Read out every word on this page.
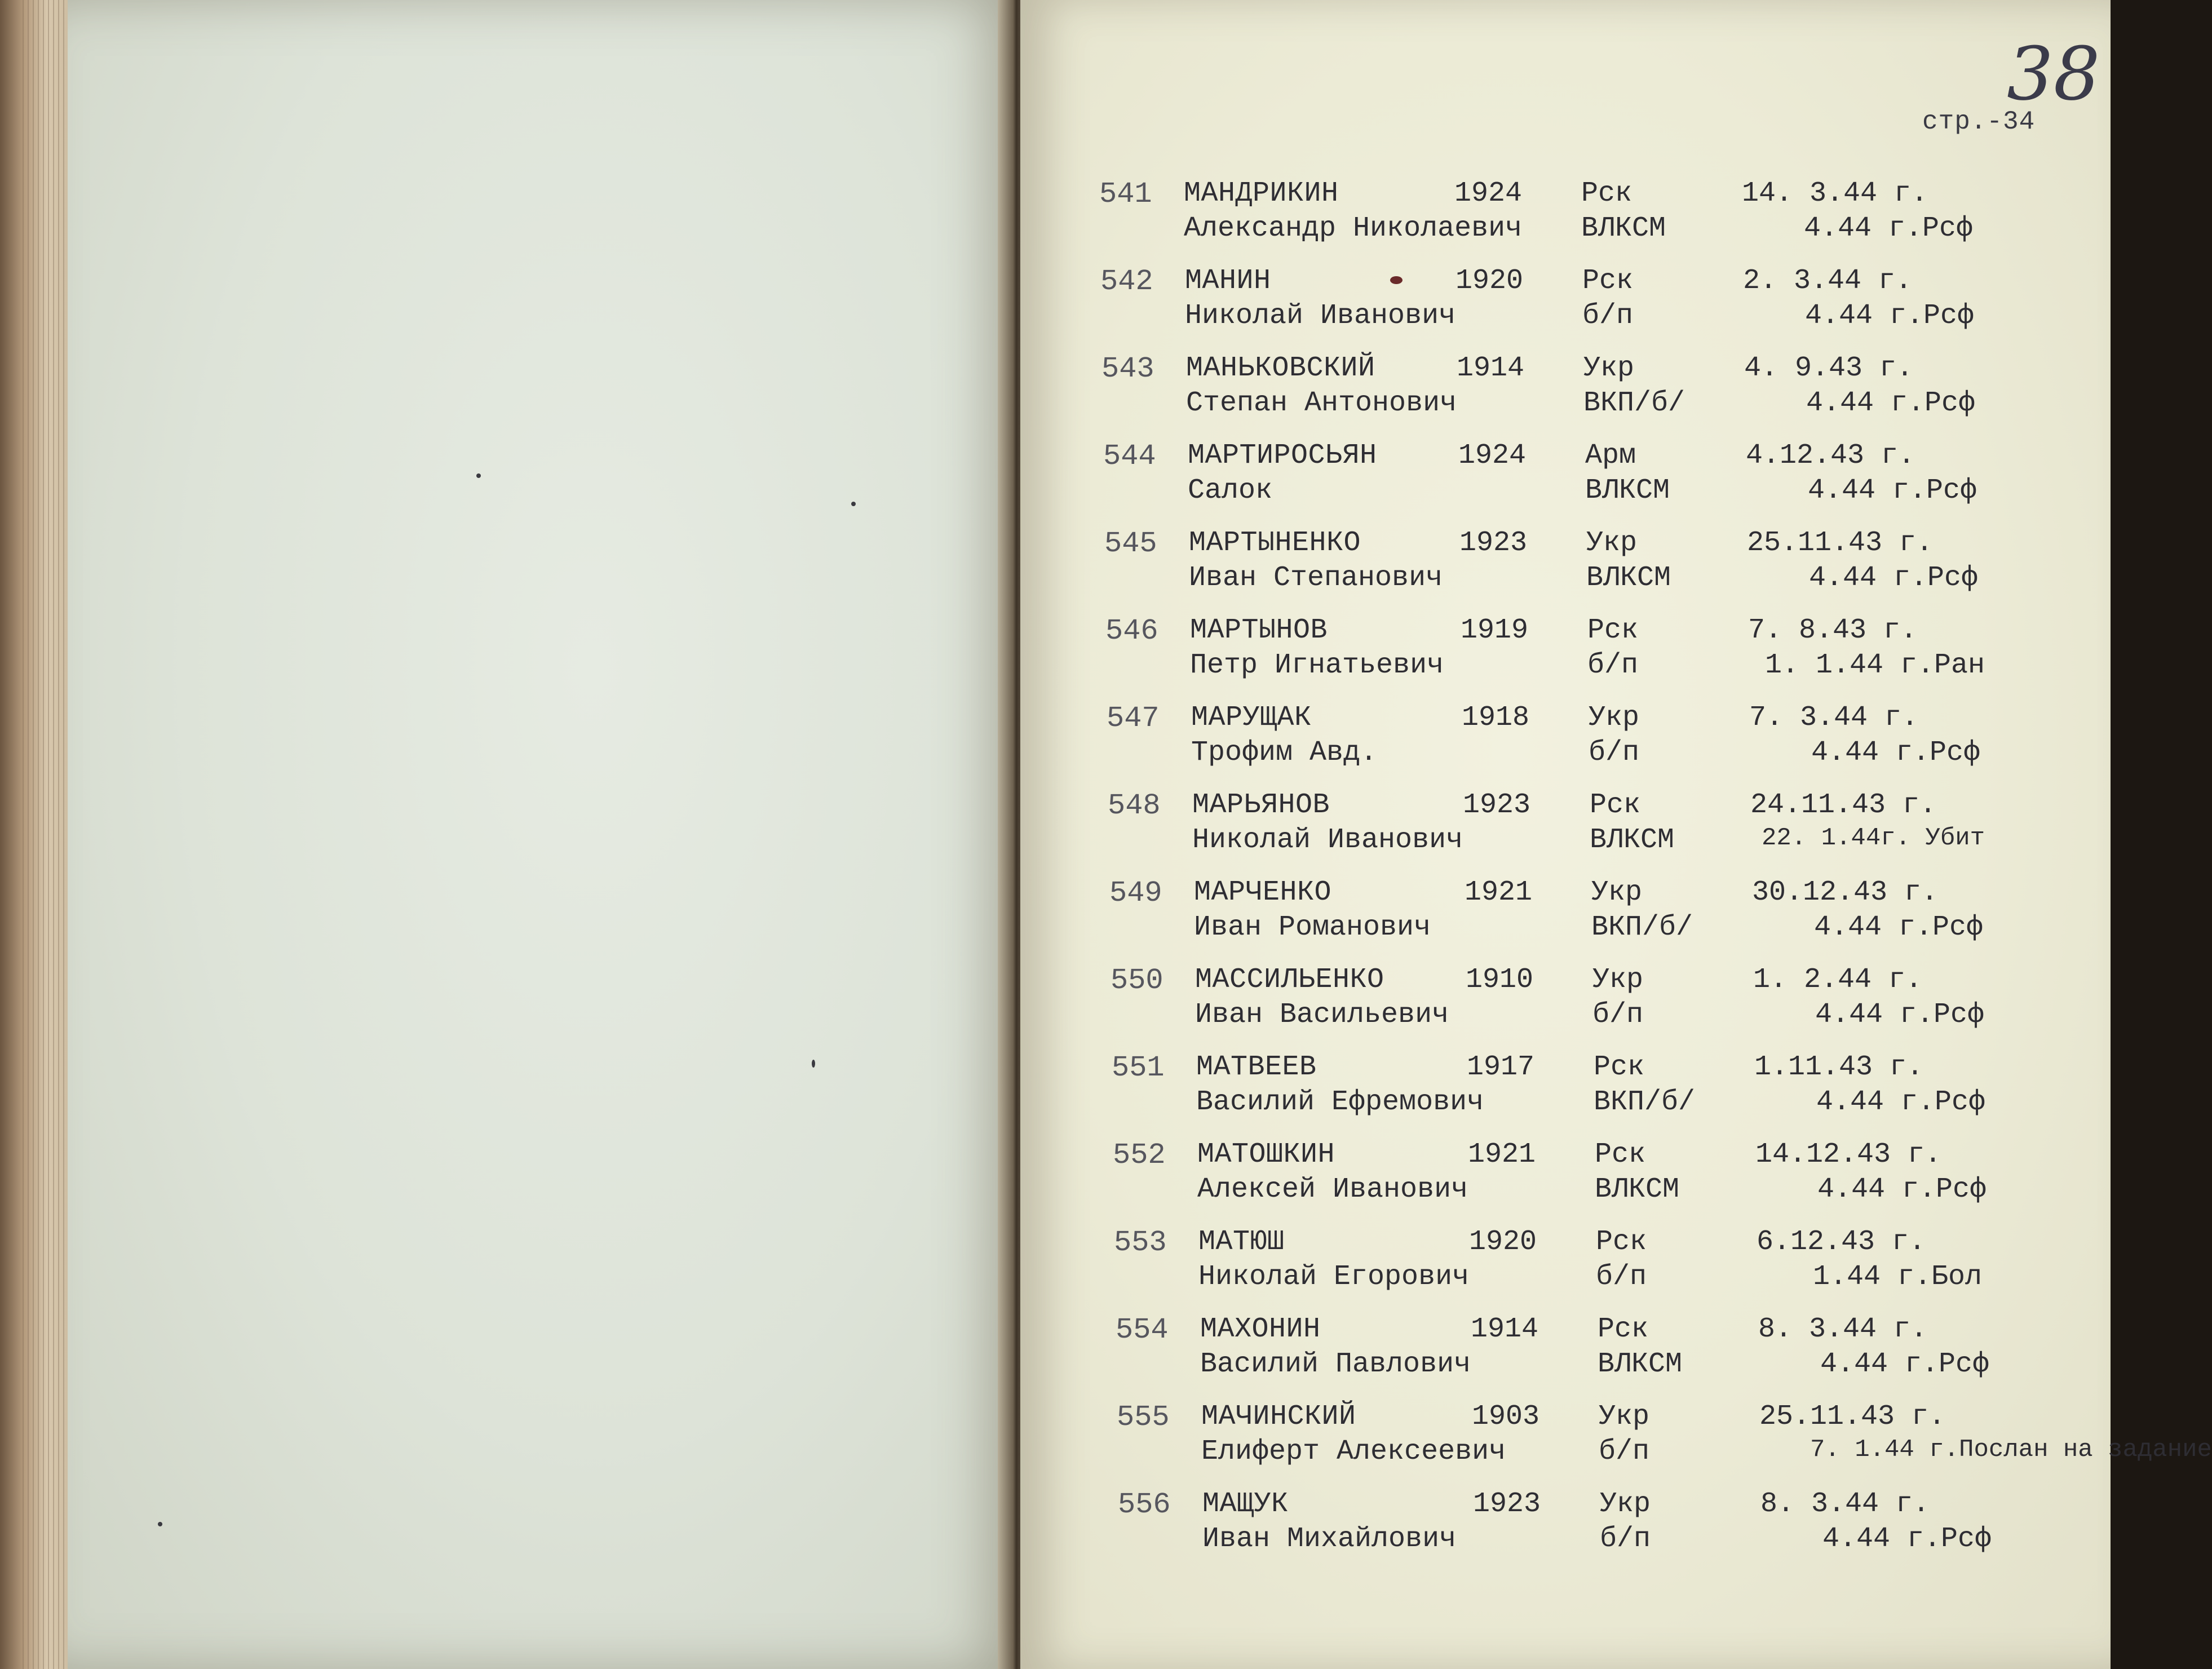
38
стр.-34
541 МАНДРИКИН	1924 Рск	14. 3.44 г.
Александр Николаевич ВЛКСМ	4.44 г.Рсф
542 МАНИН	1920 Рск	2. 3.44 г.
Николай Иванович	б/п	4.44 г.Рсф
543 МАНЬКОВСКИЙ	1914 Укр	4. 9.43 г.
Степан Антонович	ВКП/б/	4.44 г.Рсф
544 МАРТИРОСЬЯН	1924 Арм	4.12.43 г.
Салок	ВЛКСМ	4.44 г.Рсф
545 МАРТЫНЕНКО	1923 Укр	25.11.43 г.
Иван Степанович	ВЛКСМ	4.44 г.Рсф
546 МАРТЫНОВ	1919 Рск	7. 8.43 г.
Петр Игнатьевич	б/п	1. 1.44 г.Ран
547 МАРУЩАК	1918 Укр	7. 3.44 г.
Трофим Авд.	б/п	4.44 г.Рсф
548 МАРЬЯНОВ	1923 Рск	24.11.43 г.
Николай Иванович	ВЛКСМ	22. 1.44г. Убит
549 МАРЧЕНКО	1921 Укр	30.12.43 г.
Иван Романович	ВКП/б/	4.44 г.Рсф
550 МАССИЛЬЕНКО	1910 Укр	1. 2.44 г.
Иван Васильевич	б/п	4.44 г.Рсф
551 МАТВЕЕВ	1917 Рск	1.11.43 г.
Василий Ефремович	ВКП/б/	4.44 г.Рсф
552 МАТОШКИН	1921 Рск	14.12.43 г.
Алексей Иванович	ВЛКСМ	4.44 г.Рсф
553 МАТЮШ	1920 Рск	6.12.43 г.
Николай Егорович	б/п	1.44 г.Бол
554 МАХОНИН	1914 Рск	8. 3.44 г.
Василий Павлович	ВЛКСМ	4.44 г.Рсф
555 МАЧИНСКИЙ	1903 Укр	25.11.43 г.
Елиферт Алексеевич	б/п	7. 1.44 г.Послан на задание
556 МАЩУК	1923 Укр	8. 3.44 г.
Иван Михайлович	б/п	4.44 г.Рсф
